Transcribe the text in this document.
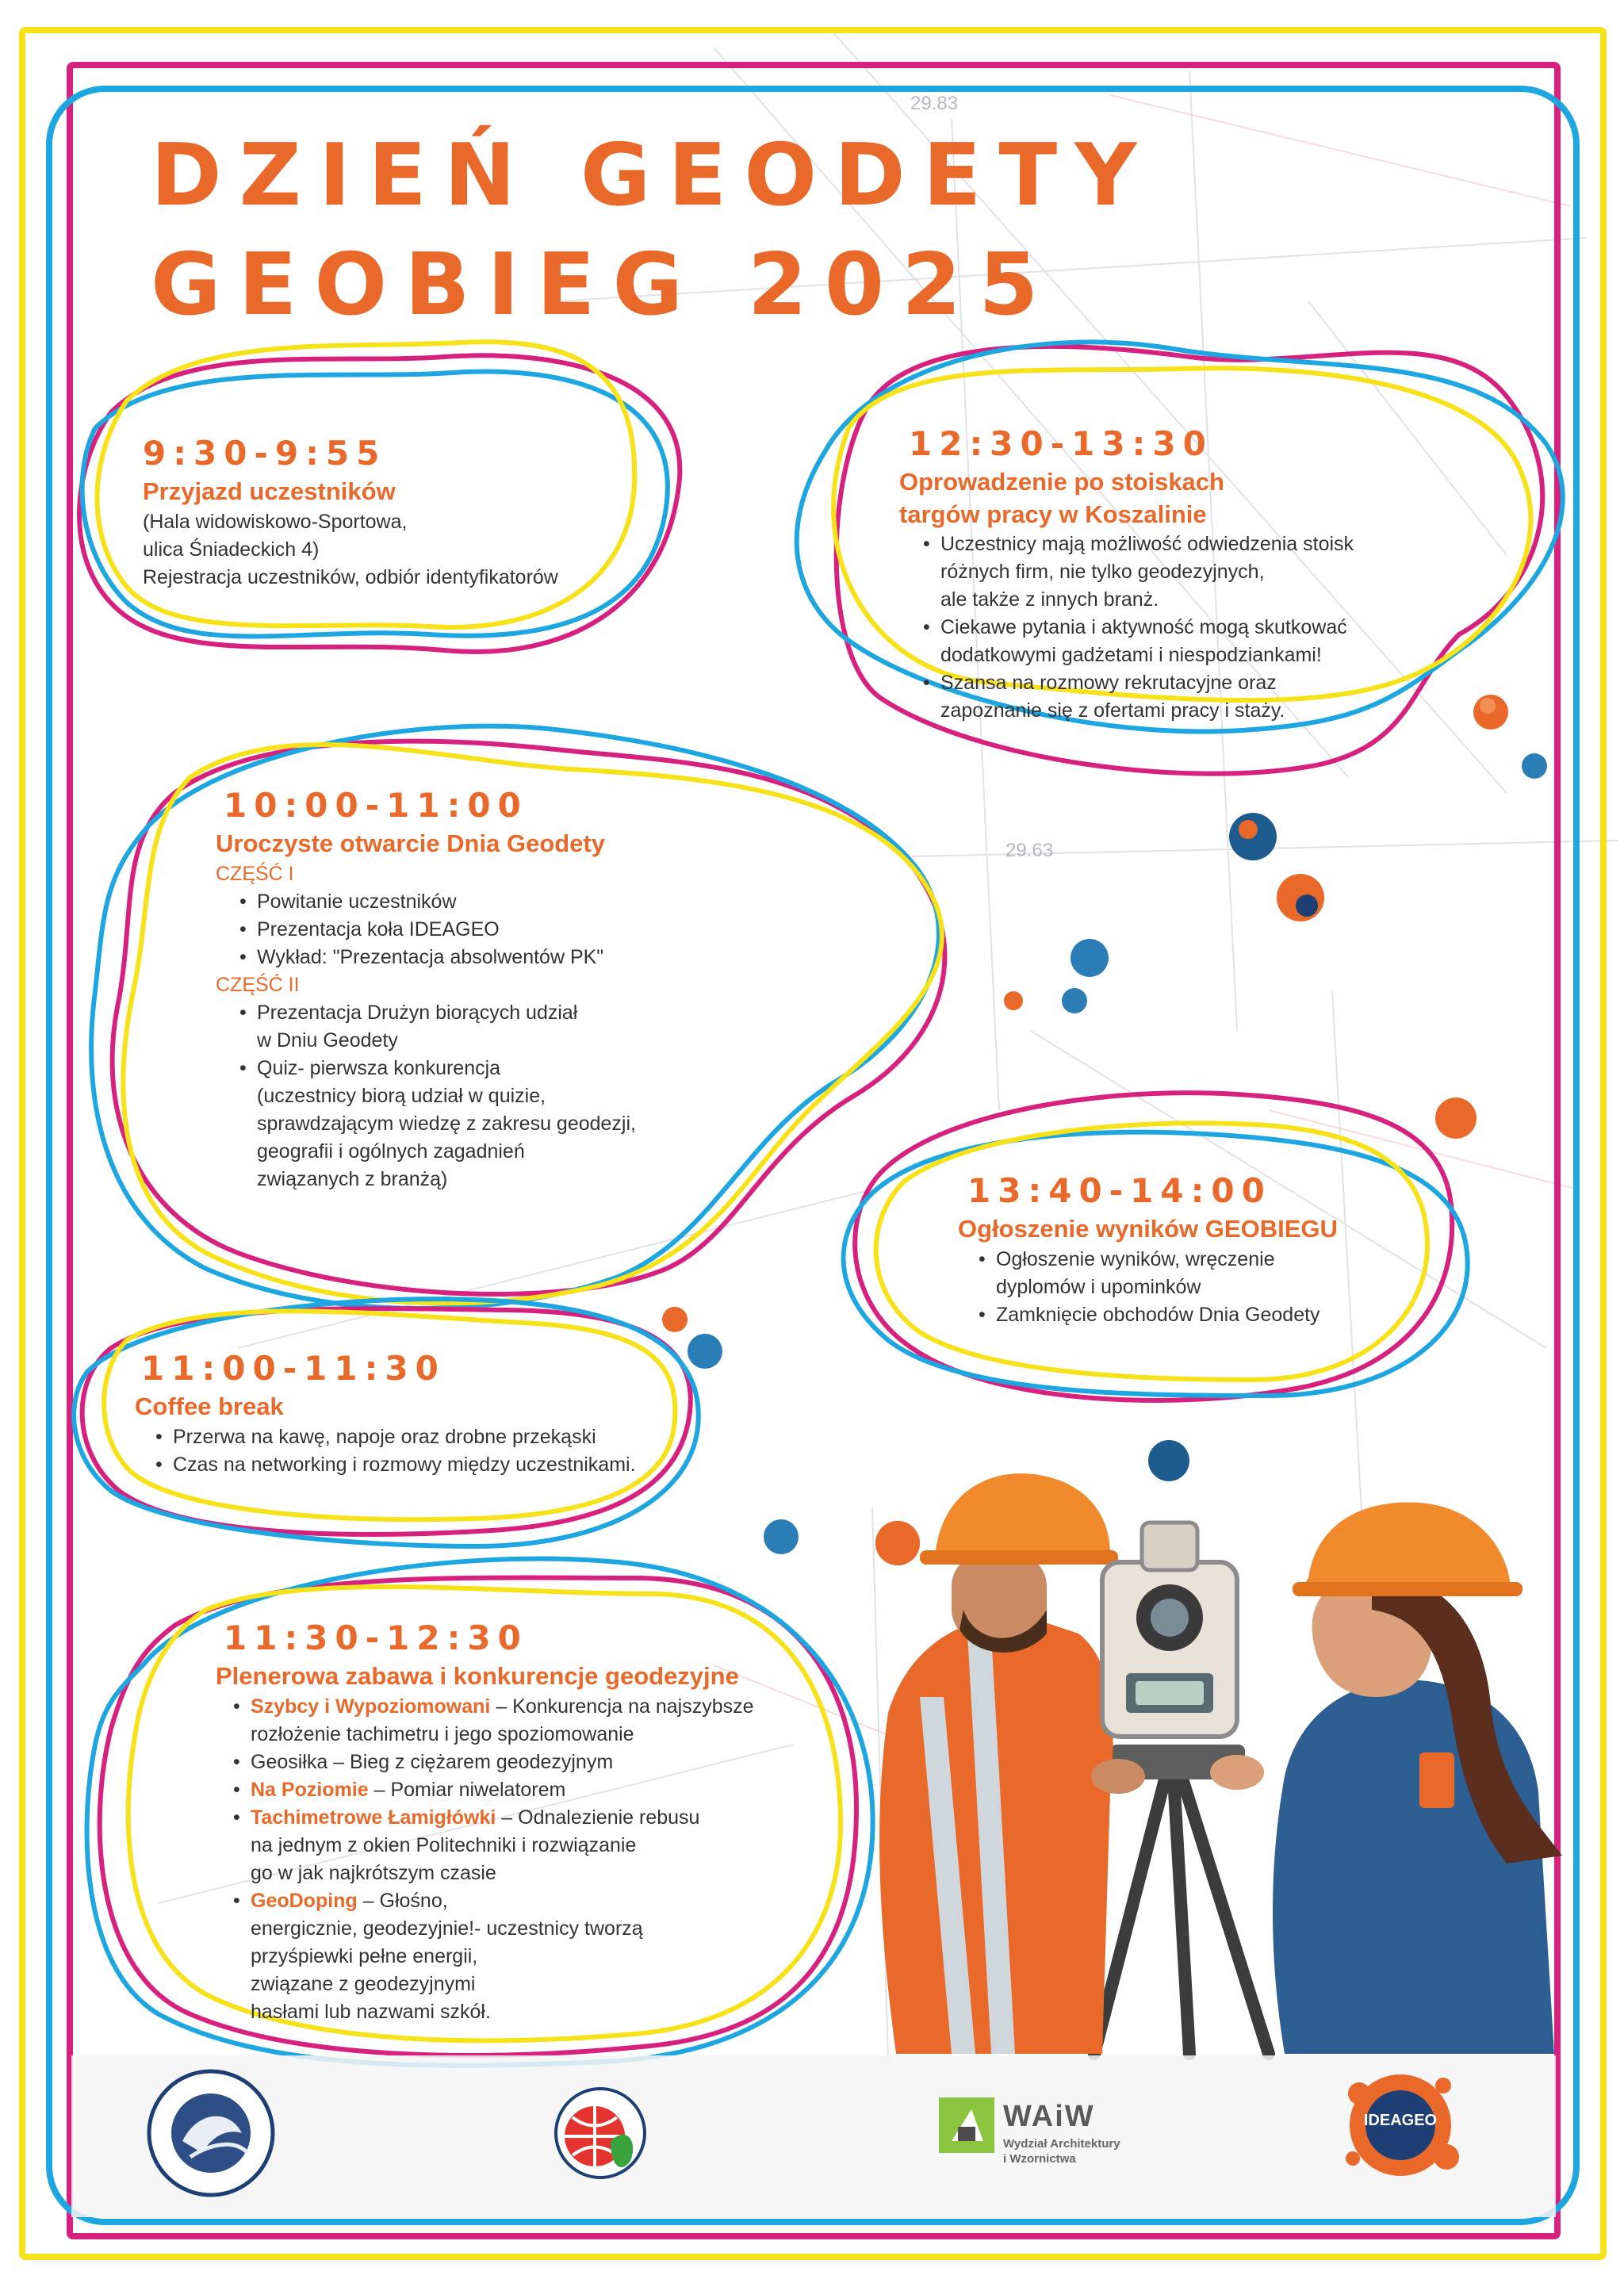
29.83
29.63
DZIEŃ GEODETY
GEOBIEG 2025
9:30-9:55
Przyjazd uczestników
(Hala widowiskowo-Sportowa,
ulica Śniadeckich 4)
Rejestracja uczestników, odbiór identyfikatorów
12:30-13:30
Oprowadzenie po stoiskach
targów pracy w Koszalinie
• Uczestnicy mają możliwość odwiedzenia stoisk
różnych firm, nie tylko geodezyjnych,
ale także z innych branż.
• Ciekawe pytania i aktywność mogą skutkować
dodatkowymi gadżetami i niespodziankami!
• Szansa na rozmowy rekrutacyjne oraz
zapoznanie się z ofertami pracy i staży.
10:00-11:00
Uroczyste otwarcie Dnia Geodety
CZĘŚĆ I
• Powitanie uczestników
• Prezentacja koła IDEAGEO
• Wykład: "Prezentacja absolwentów PK"
CZĘŚĆ II
• Prezentacja Drużyn biorących udział
w Dniu Geodety
• Quiz- pierwsza konkurencja
(uczestnicy biorą udział w quizie,
sprawdzającym wiedzę z zakresu geodezji,
geografii i ogólnych zagadnień
związanych z branżą)	13:40-14:00
Ogłoszenie wyników GEOBIEGU
• Ogłoszenie wyników, wręczenie
dyplomów i upominków
• Zamknięcie obchodów Dnia Geodety
11:00-11:30
Coffee break
• Przerwa na kawę, napoje oraz drobne przekąski
• Czas na networking i rozmowy między uczestnikami.
11:30-12:30
Plenerowa zabawa i konkurencje geodezyjne
• Szybcy i Wypoziomowani – Konkurencja na najszybsze
rozłożenie tachimetru i jego spoziomowanie
• Geosiłka – Bieg z ciężarem geodezyjnym
• Na Poziomie – Pomiar niwelatorem
• Tachimetrowe Łamigłówki – Odnalezienie rebusu
na jednym z okien Politechniki i rozwiązanie
go w jak najkrótszym czasie
• GeoDoping – Głośno,
energicznie, geodezyjnie!- uczestnicy tworzą
przyśpiewki pełne energii,
związane z geodezyjnymi
hasłami lub nazwami szkół.
WAiW
Wydział Architektury
i Wzornictwa
IDEAGEO
